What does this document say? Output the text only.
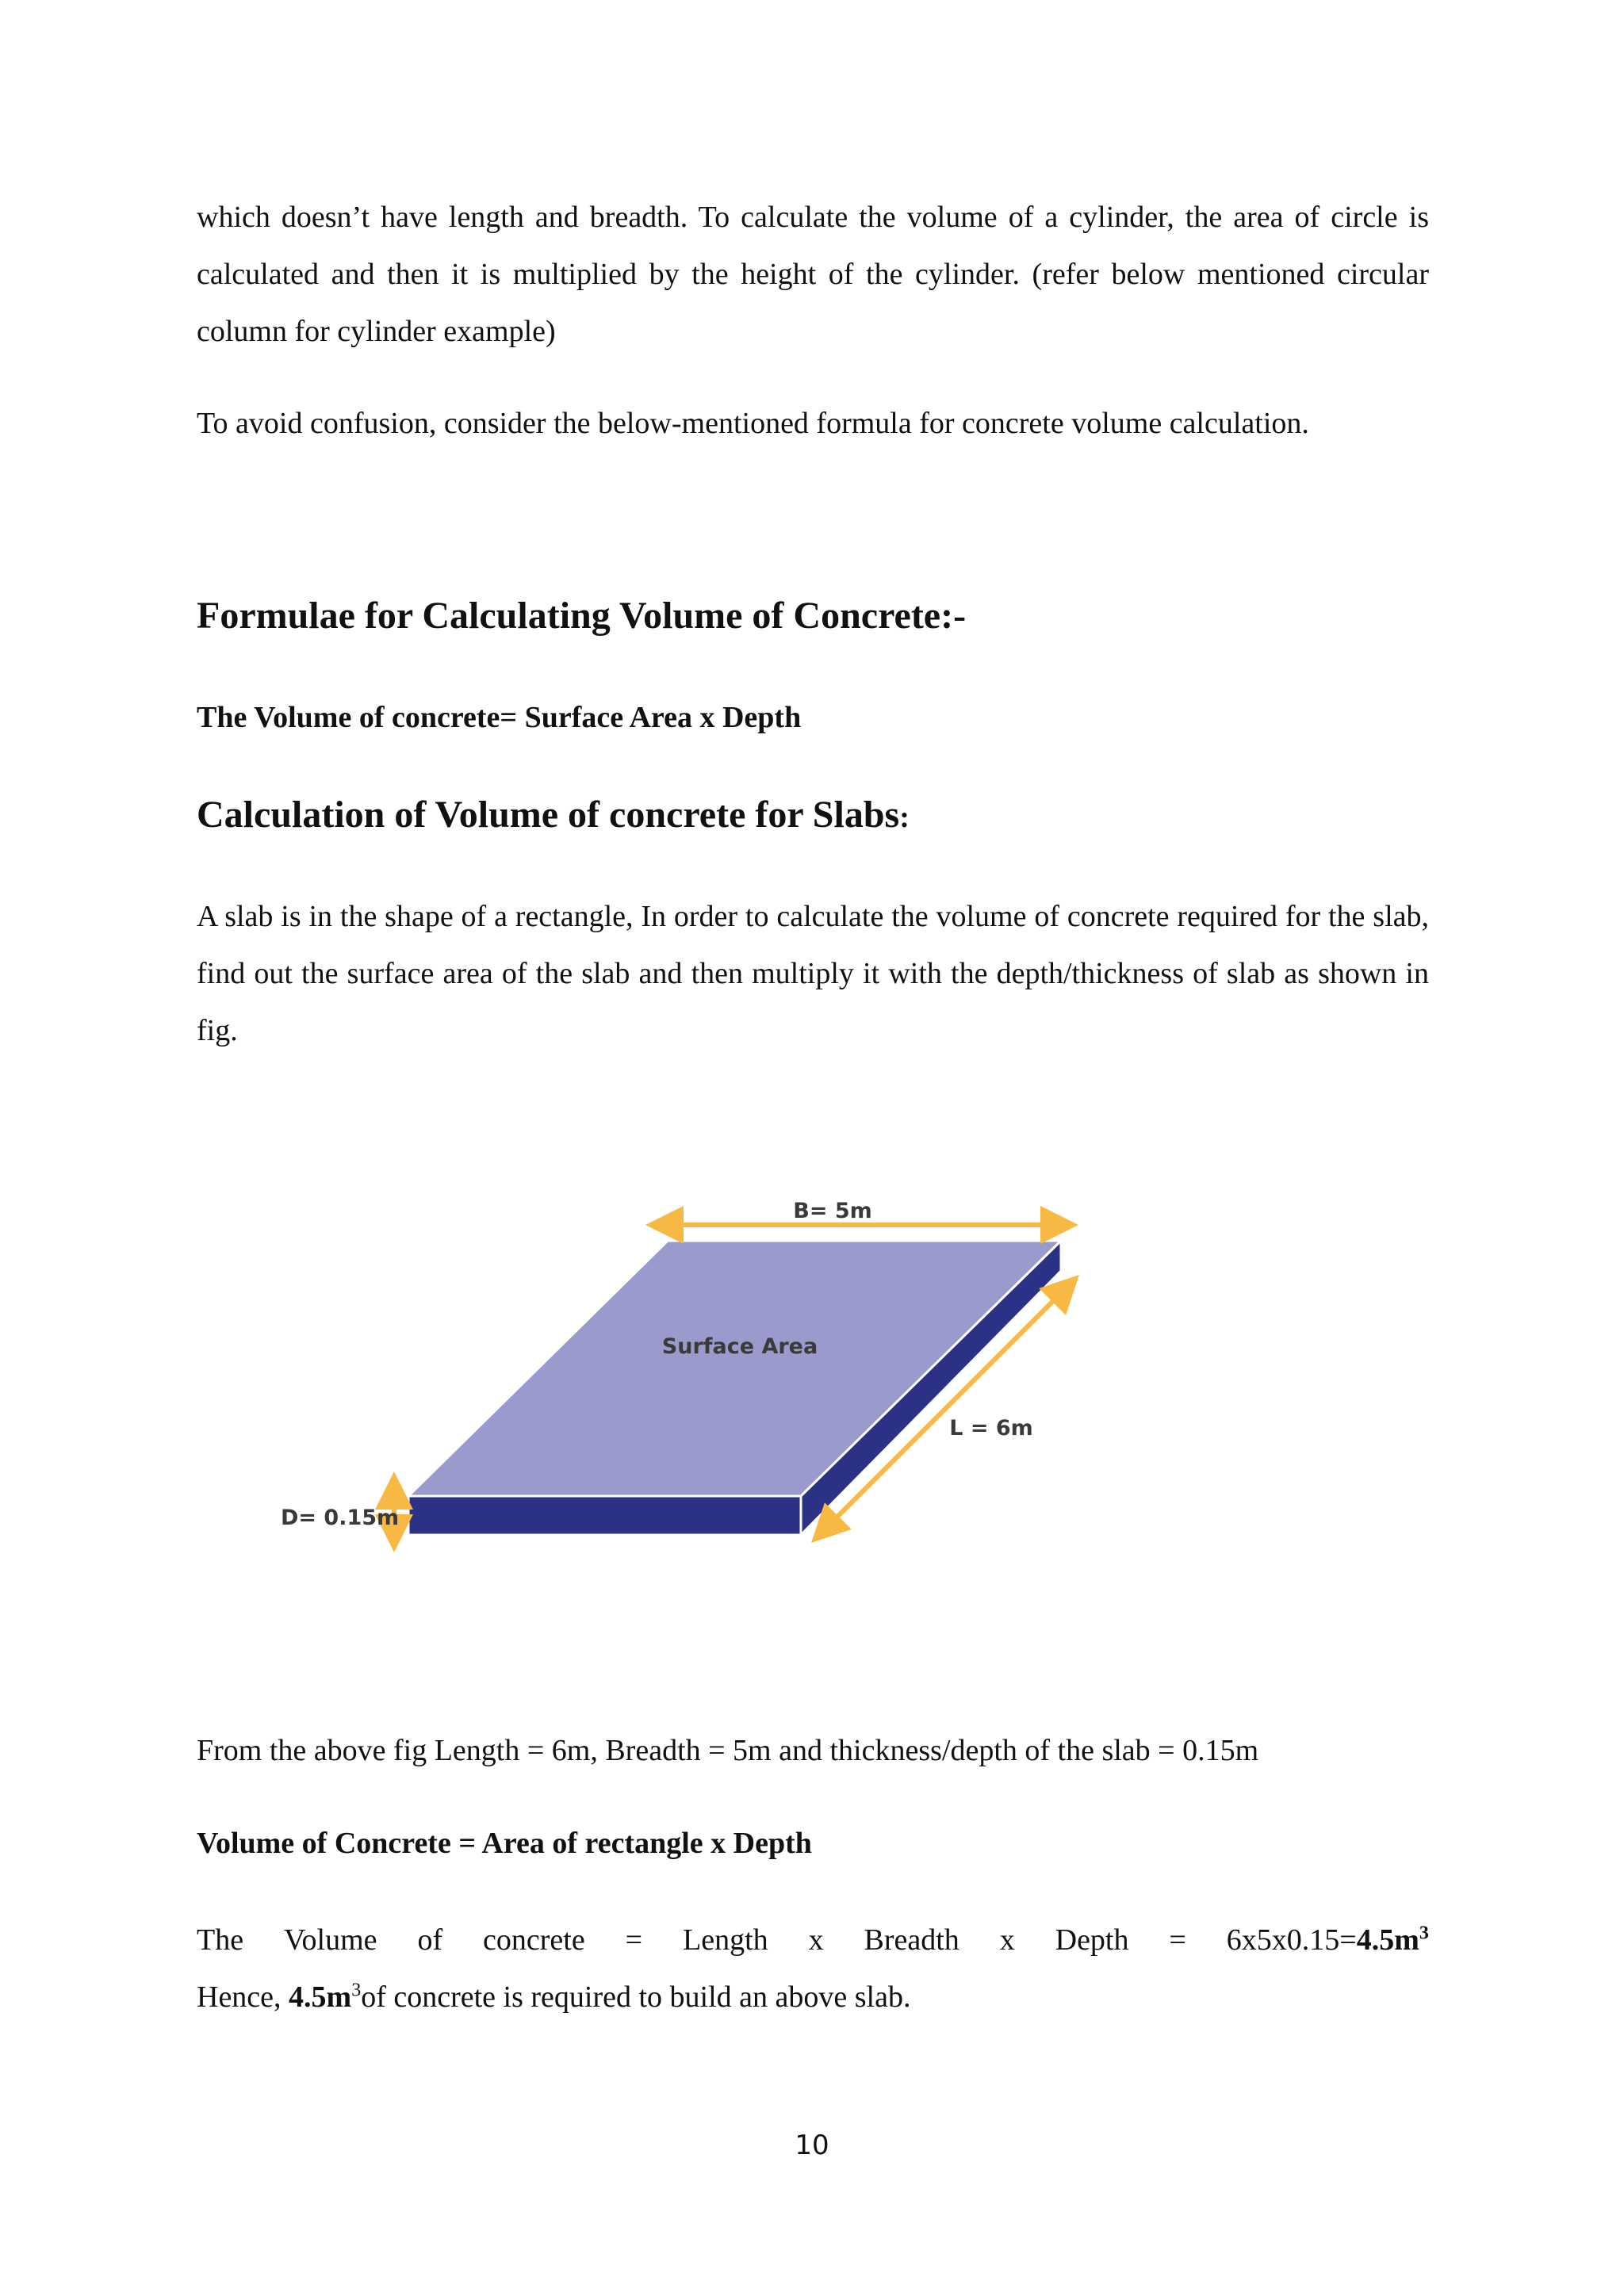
which doesn’t have length and breadth. To calculate the volume of a cylinder, the area of circle is calculated and then it is multiplied by the height of the cylinder. (refer below mentioned circular column for cylinder example)

To avoid confusion, consider the below-mentioned formula for concrete volume calculation.

Formulae for Calculating Volume of Concrete:-
The Volume of concrete= Surface Area x Depth
Calculation of Volume of concrete for Slabs:

A slab is in the shape of a rectangle, In order to calculate the volume of concrete required for the slab, find out the surface area of the slab and then multiply it with the depth/thickness of slab as shown in fig.

B= 5m
Surface Area
L = 6m
D= 0.15m

From the above fig Length = 6m, Breadth = 5m and thickness/depth of the slab = 0.15m

Volume of Concrete = Area of rectangle x Depth
The Volume of concrete = Length x Breadth x Depth = $6x5x0.15=4.5m^3$

Hence, $4.5m^3of$ concrete is required to build an above slab.

10
